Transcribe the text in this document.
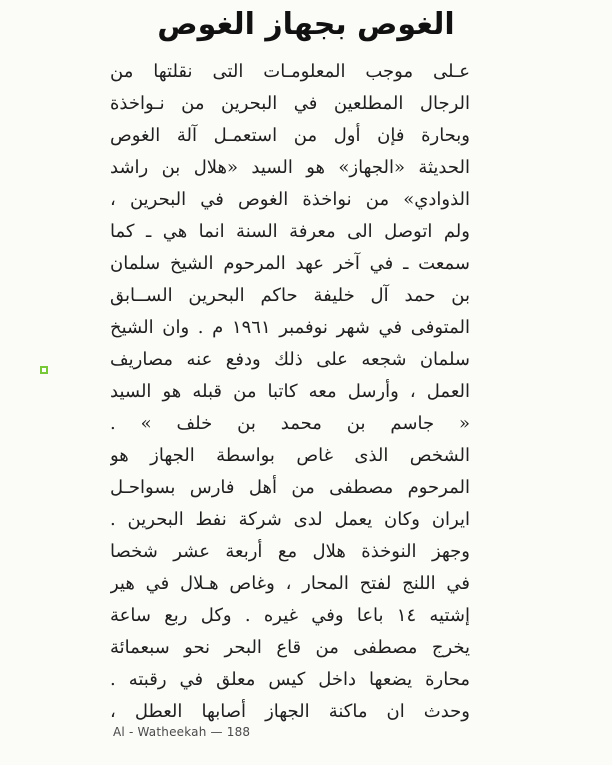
الغوص بجهاز الغوص
عـلى موجب المعلومـات التى نقلتها من
الرجال المطلعين في البحرين من نـواخذة
وبحارة فإن أول من استعمـل آلة الغوص
الحديثة «الجهاز» هو السيد «هلال بن راشد
الذوادي» من نواخذة الغوص في البحرين ،
ولم اتوصل الى معرفة السنة انما هي ـ كما
سمعت ـ في آخر عهد المرحوم الشيخ سلمان
بن حمد آل خليفة حاكم البحرين الســابق
المتوفى في شهر نوفمبر ١٩٦١ م . وان الشيخ
سلمان شجعه على ذلك ودفع عنه مصاريف
العمل ، وأرسل معه كاتبا من قبله هو السيد
« جاسم بن محمد بن خلف » .
الشخص الذى غاص بواسطة الجهاز هو
المرحوم مصطفى من أهل فارس بسواحـل
ايران وكان يعمل لدى شركة نفط البحرين .
وجهز النوخذة هلال مع أربعة عشر شخصا
في اللنج لفتح المحار ، وغاص هـلال في هير
إشتيه ١٤ باعا وفي غيره . وكل ربع ساعة
يخرج مصطفى من قاع البحر نحو سبعمائة
محارة يضعها داخل كيس معلق في رقبته .
وحدث ان ماكنة الجهاز أصابها العطل ،
Al - Watheekah — 188
